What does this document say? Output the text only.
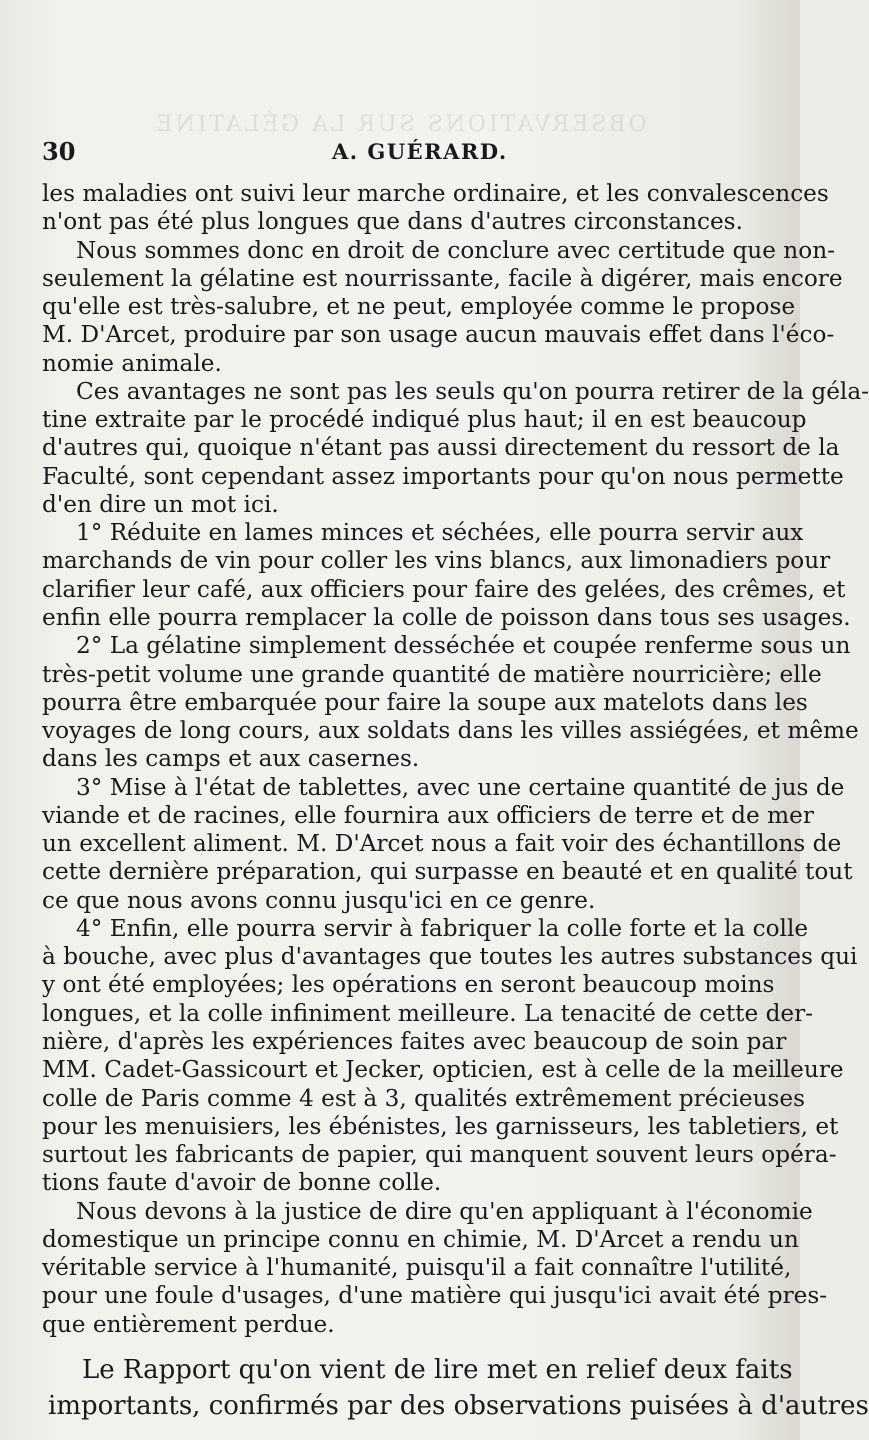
OBSERVATIONS SUR LA GÉLATINE
30	A. GUÉRARD.
les maladies ont suivi leur marche ordinaire, et les convalescences
n'ont pas été plus longues que dans d'autres circonstances.
Nous sommes donc en droit de conclure avec certitude que non-
seulement la gélatine est nourrissante, facile à digérer, mais encore
qu'elle est très-salubre, et ne peut, employée comme le propose
M. D'Arcet, produire par son usage aucun mauvais effet dans l'éco-
nomie animale.
Ces avantages ne sont pas les seuls qu'on pourra retirer de la géla-
tine extraite par le procédé indiqué plus haut; il en est beaucoup
d'autres qui, quoique n'étant pas aussi directement du ressort de la
Faculté, sont cependant assez importants pour qu'on nous permette
d'en dire un mot ici.
1° Réduite en lames minces et séchées, elle pourra servir aux
marchands de vin pour coller les vins blancs, aux limonadiers pour
clarifier leur café, aux officiers pour faire des gelées, des crêmes, et
enfin elle pourra remplacer la colle de poisson dans tous ses usages.
2° La gélatine simplement desséchée et coupée renferme sous un
très-petit volume une grande quantité de matière nourricière; elle
pourra être embarquée pour faire la soupe aux matelots dans les
voyages de long cours, aux soldats dans les villes assiégées, et même
dans les camps et aux casernes.
3° Mise à l'état de tablettes, avec une certaine quantité de jus de
viande et de racines, elle fournira aux officiers de terre et de mer
un excellent aliment. M. D'Arcet nous a fait voir des échantillons de
cette dernière préparation, qui surpasse en beauté et en qualité tout
ce que nous avons connu jusqu'ici en ce genre.
4° Enfin, elle pourra servir à fabriquer la colle forte et la colle
à bouche, avec plus d'avantages que toutes les autres substances qui
y ont été employées; les opérations en seront beaucoup moins
longues, et la colle infiniment meilleure. La tenacité de cette der-
nière, d'après les expériences faites avec beaucoup de soin par
MM. Cadet-Gassicourt et Jecker, opticien, est à celle de la meilleure
colle de Paris comme 4 est à 3, qualités extrêmement précieuses
pour les menuisiers, les ébénistes, les garnisseurs, les tabletiers, et
surtout les fabricants de papier, qui manquent souvent leurs opéra-
tions faute d'avoir de bonne colle.
Nous devons à la justice de dire qu'en appliquant à l'économie
domestique un principe connu en chimie, M. D'Arcet a rendu un
véritable service à l'humanité, puisqu'il a fait connaître l'utilité,
pour une foule d'usages, d'une matière qui jusqu'ici avait été pres-
que entièrement perdue.
Le Rapport qu'on vient de lire met en relief deux faits
importants, confirmés par des observations puisées à d'autres
